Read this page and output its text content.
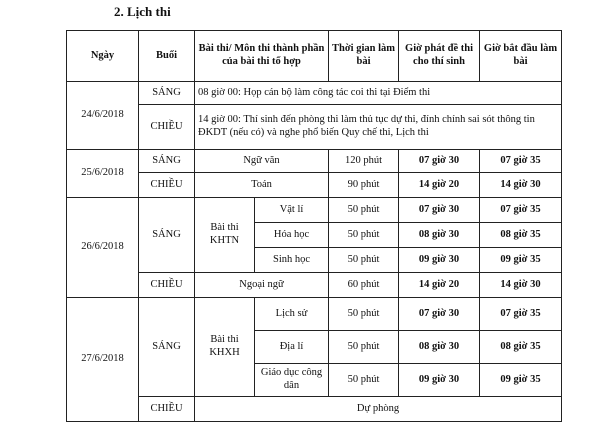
2. Lịch thi
Ngày	Buổi	Bài thi/ Môn thi thành phần của bài thi tổ hợp		Thời gian làm bài	Giờ phát đề thi cho thí sinh	Giờ bắt đầu làm bài
24/6/2018	SÁNG	08 giờ 00: Họp cán bộ làm công tác coi thi tại Điểm thi				
	CHIỀU	14 giờ 00: Thí sinh đến phòng thi làm thủ tục dự thi, đính chính sai sót thông tin ĐKDT (nếu có) và nghe phổ biến Quy chế thi, Lịch thi				
25/6/2018	SÁNG	Ngữ văn		120 phút	07 giờ 30	07 giờ 35
	CHIỀU	Toán		90 phút	14 giờ 20	14 giờ 30
26/6/2018	SÁNG	Bài thi KHTN	Vật lí	50 phút	07 giờ 30	07 giờ 35
			Hóa học	50 phút	08 giờ 30	08 giờ 35
			Sinh học	50 phút	09 giờ 30	09 giờ 35
	CHIỀU	Ngoại ngữ		60 phút	14 giờ 20	14 giờ 30
27/6/2018	SÁNG	Bài thi KHXH	Lịch sử	50 phút	07 giờ 30	07 giờ 35
			Địa lí	50 phút	08 giờ 30	08 giờ 35
			Giáo dục công dân	50 phút	09 giờ 30	09 giờ 35
	CHIỀU	Dự phòng				
